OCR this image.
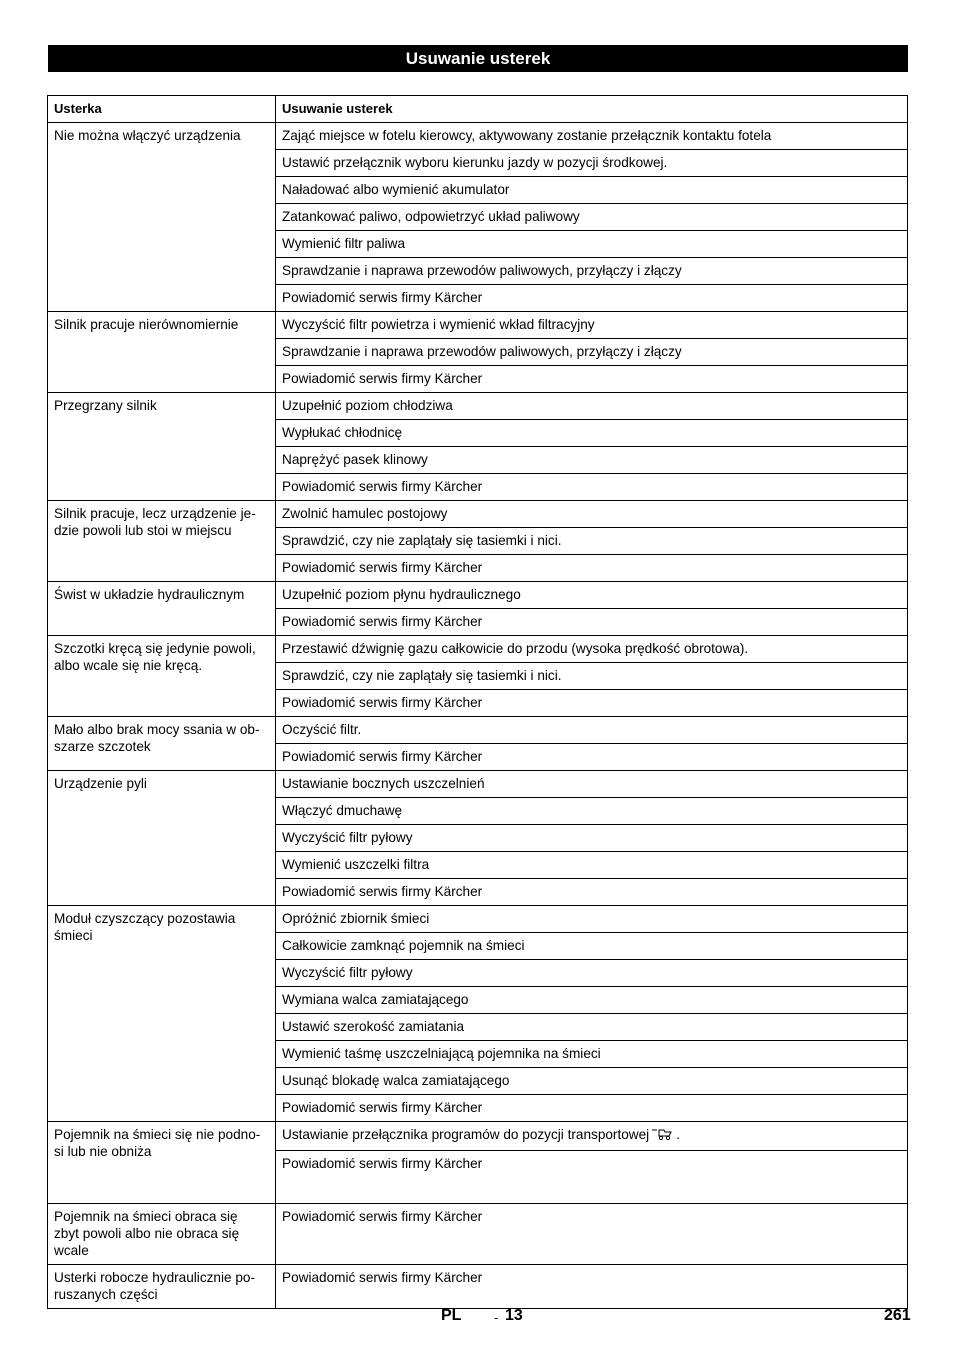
Usuwanie usterek
Usterka	Usuwanie usterek
Nie można włączyć urządzenia	Zająć miejsce w fotelu kierowcy, aktywowany zostanie przełącznik kontaktu fotela
	Ustawić przełącznik wyboru kierunku jazdy w pozycji środkowej.
	Naładować albo wymienić akumulator
	Zatankować paliwo, odpowietrzyć układ paliwowy
	Wymienić filtr paliwa
	Sprawdzanie i naprawa przewodów paliwowych, przyłączy i złączy
	Powiadomić serwis firmy Kärcher
Silnik pracuje nierównomiernie	Wyczyścić filtr powietrza i wymienić wkład filtracyjny
	Sprawdzanie i naprawa przewodów paliwowych, przyłączy i złączy
	Powiadomić serwis firmy Kärcher
Przegrzany silnik	Uzupełnić poziom chłodziwa
	Wypłukać chłodnicę
	Naprężyć pasek klinowy
	Powiadomić serwis firmy Kärcher
Silnik pracuje, lecz urządzenie je-
dzie powoli lub stoi w miejscu	Zwolnić hamulec postojowy
	Sprawdzić, czy nie zaplątały się tasiemki i nici.
	Powiadomić serwis firmy Kärcher
Świst w układzie hydraulicznym	Uzupełnić poziom płynu hydraulicznego
	Powiadomić serwis firmy Kärcher
Szczotki kręcą się jedynie powoli,
albo wcale się nie kręcą.	Przestawić dźwignię gazu całkowicie do przodu (wysoka prędkość obrotowa).
	Sprawdzić, czy nie zaplątały się tasiemki i nici.
	Powiadomić serwis firmy Kärcher
Mało albo brak mocy ssania w ob-
szarze szczotek	Oczyścić filtr.
	Powiadomić serwis firmy Kärcher
Urządzenie pyli	Ustawianie bocznych uszczelnień
	Włączyć dmuchawę
	Wyczyścić filtr pyłowy
	Wymienić uszczelki filtra
	Powiadomić serwis firmy Kärcher
Moduł czyszczący pozostawia
śmieci	Opróżnić zbiornik śmieci
	Całkowicie zamknąć pojemnik na śmieci
	Wyczyścić filtr pyłowy
	Wymiana walca zamiatającego
	Ustawić szerokość zamiatania
	Wymienić taśmę uszczelniającą pojemnika na śmieci
	Usunąć blokadę walca zamiatającego
	Powiadomić serwis firmy Kärcher
Pojemnik na śmieci się nie podno-
si lub nie obniża	Ustawianie przełącznika programów do pozycji transportowej .
	Powiadomić serwis firmy Kärcher
Pojemnik na śmieci obraca się
zbyt powoli albo nie obraca się
wcale	Powiadomić serwis firmy Kärcher
Usterki robocze hydraulicznie po-
ruszanych części	Powiadomić serwis firmy Kärcher
PL	- 13	261
